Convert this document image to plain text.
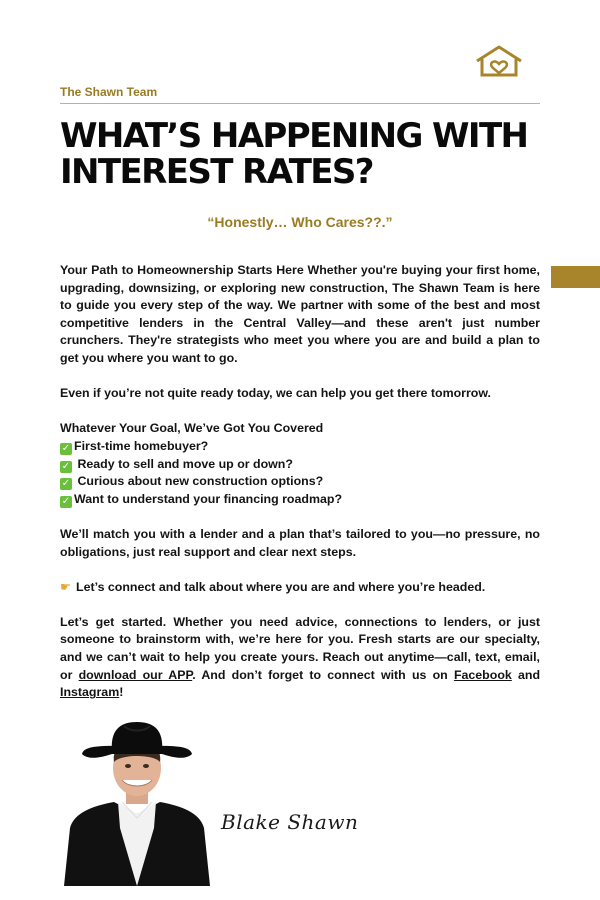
The Shawn Team
WHAT’S HAPPENING WITH INTEREST RATES?
“Honestly… Who Cares??.”

Your Path to Homeownership Starts Here Whether you're buying your first home, upgrading, downsizing, or exploring new construction, The Shawn Team is here to guide you every step of the way. We partner with some of the best and most competitive lenders in the Central Valley—and these aren't just number crunchers. They're strategists who meet you where you are and build a plan to get you where you want to go.

Even if you’re not quite ready today, we can help you get there tomorrow.

Whatever Your Goal, We’ve Got You Covered
✓ First-time homebuyer?
✓ Ready to sell and move up or down?
✓ Curious about new construction options?
✓ Want to understand your financing roadmap?

We’ll match you with a lender and a plan that’s tailored to you—no pressure, no obligations, just real support and clear next steps.

☛ Let’s connect and talk about where you are and where you’re headed.

Let’s get started. Whether you need advice, connections to lenders, or just someone to brainstorm with, we’re here for you. Fresh starts are our specialty, and we can’t wait to help you create yours. Reach out anytime—call, text, email, or download our APP. And don’t forget to connect with us on Facebook and Instagram!

Blake Shawn
